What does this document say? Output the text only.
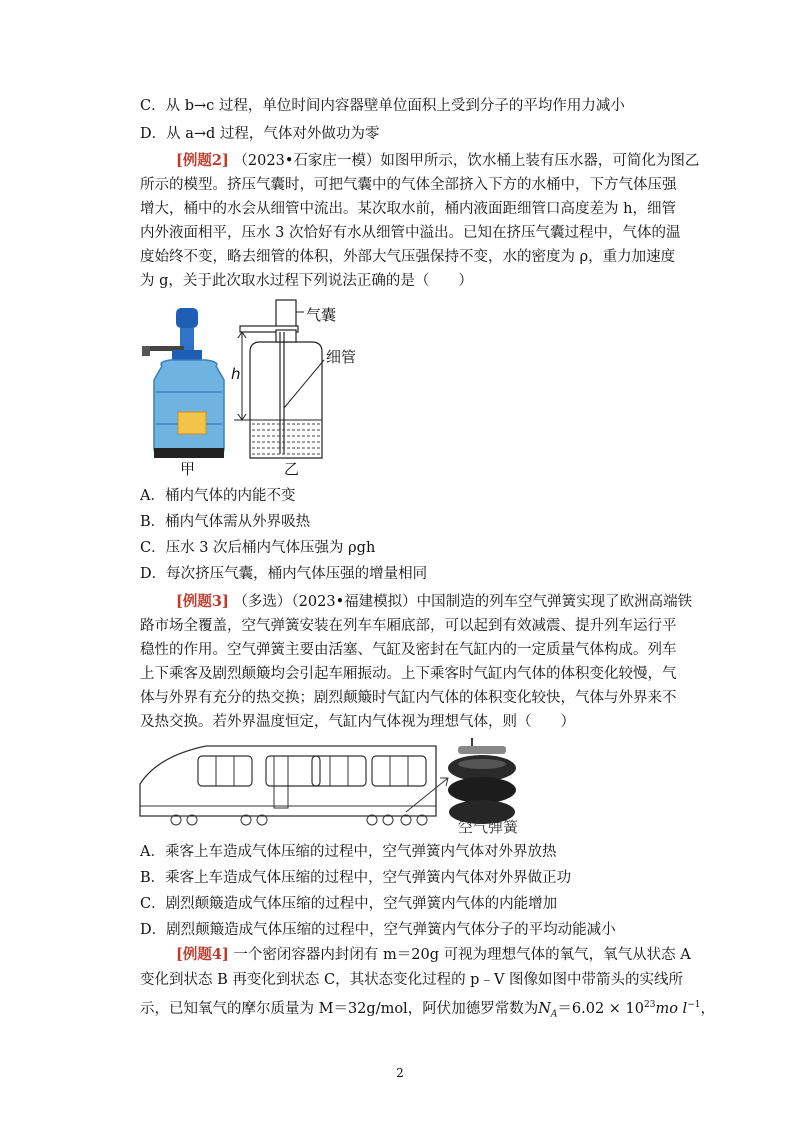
C．从 b→c 过程，单位时间内容器壁单位面积上受到分子的平均作用力减小
D．从 a→d 过程，气体对外做功为零
[例题2] （2023•石家庄一模）如图甲所示，饮水桶上装有压水器，可简化为图乙
所示的模型。挤压气囊时，可把气囊中的气体全部挤入下方的水桶中，下方气体压强
增大，桶中的水会从细管中流出。某次取水前，桶内液面距细管口高度差为 h，细管
内外液面相平，压水 3 次恰好有水从细管中溢出。已知在挤压气囊过程中，气体的温
度始终不变，略去细管的体积，外部大气压强保持不变，水的密度为 ρ，重力加速度
为 g，关于此次取水过程下列说法正确的是（　　）
甲
气囊
细管
h
乙
A．桶内气体的内能不变
B．桶内气体需从外界吸热
C．压水 3 次后桶内气体压强为 ρgh
D．每次挤压气囊，桶内气体压强的增量相同
[例题3] （多选）（2023•福建模拟）中国制造的列车空气弹簧实现了欧洲高端铁
路市场全覆盖，空气弹簧安装在列车车厢底部，可以起到有效减震、提升列车运行平
稳性的作用。空气弹簧主要由活塞、气缸及密封在气缸内的一定质量气体构成。列车
上下乘客及剧烈颠簸均会引起车厢振动。上下乘客时气缸内气体的体积变化较慢，气
体与外界有充分的热交换；剧烈颠簸时气缸内气体的体积变化较快，气体与外界来不
及热交换。若外界温度恒定，气缸内气体视为理想气体，则（　　）
空气弹簧
A．乘客上车造成气体压缩的过程中，空气弹簧内气体对外界放热
B．乘客上车造成气体压缩的过程中，空气弹簧内气体对外界做正功
C．剧烈颠簸造成气体压缩的过程中，空气弹簧内气体的内能增加
D．剧烈颠簸造成气体压缩的过程中，空气弹簧内气体分子的平均动能减小
[例题4] 一个密闭容器内封闭有 m＝20g 可视为理想气体的氧气，氧气从状态 A
变化到状态 B 再变化到状态 C，其状态变化过程的 p﹣V 图像如图中带箭头的实线所
示，已知氧气的摩尔质量为 M＝32g/mol，阿伏加德罗常数为$N_A=6.02 \times 10^{23}mo$ $l^{-1}$，
2
